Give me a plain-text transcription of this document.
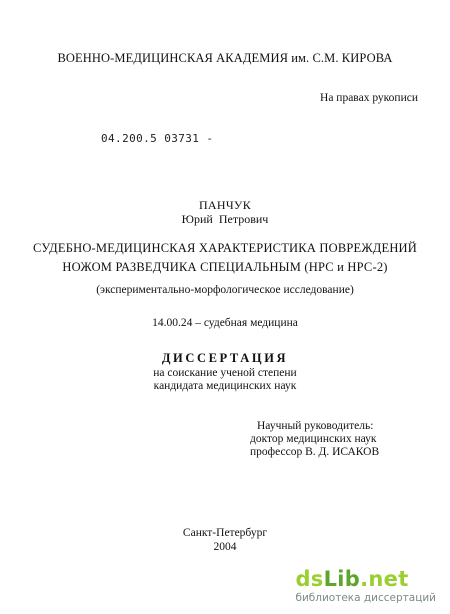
ВОЕННО-МЕДИЦИНСКАЯ АКАДЕМИЯ им. С.М. КИРОВА
На правах рукописи
04.200.5 03731 -
ПАНЧУК
Юрий Петрович
СУДЕБНО-МЕДИЦИНСКАЯ ХАРАКТЕРИСТИКА ПОВРЕЖДЕНИЙ
НОЖОМ РАЗВЕДЧИКА СПЕЦИАЛЬНЫМ (НРС и НРС-2)
(экспериментально-морфологическое исследование)
14.00.24 – судебная медицина
ДИССЕРТАЦИЯ
на соискание ученой степени
кандидата медицинских наук
Научный руководитель:
доктор медицинских наук
профессор В. Д. ИСАКОВ
Санкт-Петербург
2004
dsLib.net
библиотека диссертаций
